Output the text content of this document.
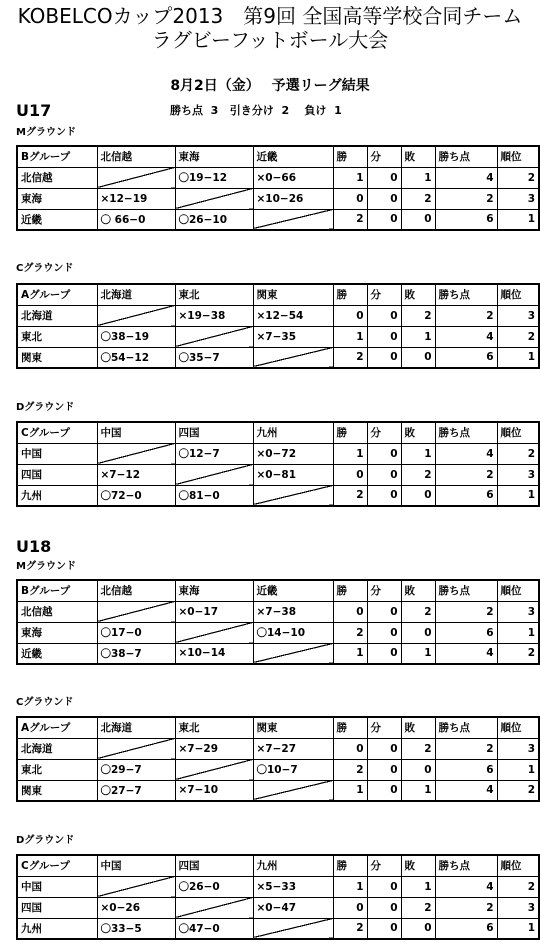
KOBELCOカップ2013　第9回 全国高等学校合同チーム
ラグビーフットボール大会
8月2日（金）　 予選リーグ結果
勝ち点  3   引き分け  2    負け  1
U17
Mグラウンド
Bグループ	北信越	東海	近畿	勝	分	敗	勝ち点	順位
北信越		〇19−12	×0−66	1	0	1	4	2
東海	×12−19		×10−26	0	0	2	2	3
近畿	〇 66−0	〇26−10		2	0	0	6	1
Cグラウンド
Aグループ	北海道	東北	関東	勝	分	敗	勝ち点	順位
北海道		×19−38	×12−54	0	0	2	2	3
東北	〇38−19		×7−35	1	0	1	4	2
関東	〇54−12	〇35−7		2	0	0	6	1
Dグラウンド
Cグループ	中国	四国	九州	勝	分	敗	勝ち点	順位
中国		〇12−7	×0−72	1	0	1	4	2
四国	×7−12		×0−81	0	0	2	2	3
九州	〇72−0	〇81−0		2	0	0	6	1
U18
Mグラウンド
Bグループ	北信越	東海	近畿	勝	分	敗	勝ち点	順位
北信越		×0−17	×7−38	0	0	2	2	3
東海	〇17−0		〇14−10	2	0	0	6	1
近畿	〇38−7	×10−14		1	0	1	4	2
Cグラウンド
Aグループ	北海道	東北	関東	勝	分	敗	勝ち点	順位
北海道		×7−29	×7−27	0	0	2	2	3
東北	〇29−7		〇10−7	2	0	0	6	1
関東	〇27−7	×7−10		1	0	1	4	2
Dグラウンド
Cグループ	中国	四国	九州	勝	分	敗	勝ち点	順位
中国		〇26−0	×5−33	1	0	1	4	2
四国	×0−26		×0−47	0	0	2	2	3
九州	〇33−5	〇47−0		2	0	0	6	1
